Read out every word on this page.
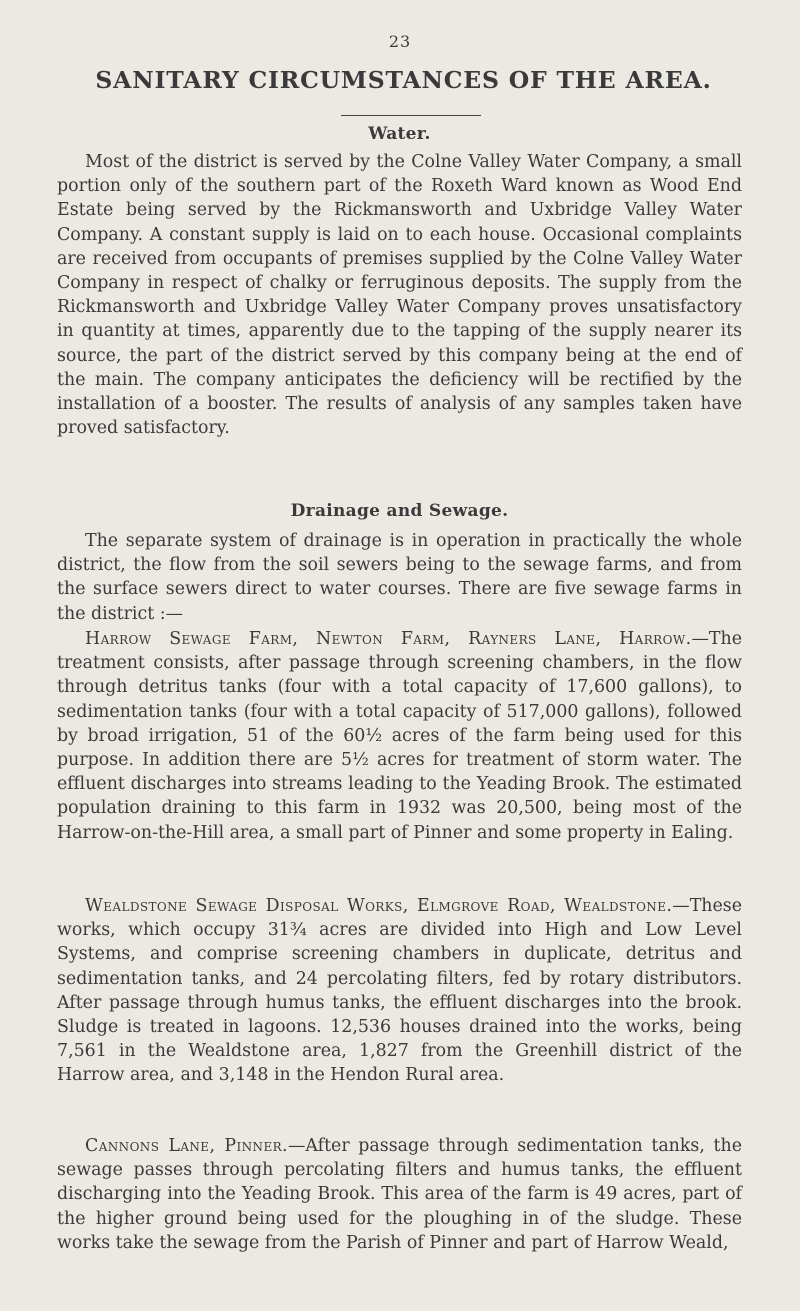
23
SANITARY CIRCUMSTANCES OF THE AREA.
Water.

Most of the district is served by the Colne Valley Water Company, a small portion only of the southern part of the Roxeth Ward known as Wood End Estate being served by the Rickmansworth and Uxbridge Valley Water Company. A constant supply is laid on to each house. Occasional complaints are received from occupants of premises supplied by the Colne Valley Water Company in respect of chalky or ferruginous deposits. The supply from the Rickmansworth and Uxbridge Valley Water Company proves unsatisfactory in quantity at times, apparently due to the tapping of the supply nearer its source, the part of the district served by this company being at the end of the main. The company anticipates the deficiency will be rectified by the installation of a booster. The results of analysis of any samples taken have proved satisfactory.

Drainage and Sewage.

The separate system of drainage is in operation in practically the whole district, the flow from the soil sewers being to the sewage farms, and from the surface sewers direct to water courses. There are five sewage farms in the district :—

Harrow Sewage Farm, Newton Farm, Rayners Lane, Harrow.—The treatment consists, after passage through screening chambers, in the flow through detritus tanks (four with a total capacity of 17,600 gallons), to sedimentation tanks (four with a total capacity of 517,000 gallons), followed by broad irrigation, 51 of the 60½ acres of the farm being used for this purpose. In addition there are 5½ acres for treatment of storm water. The effluent discharges into streams leading to the Yeading Brook. The estimated population draining to this farm in 1932 was 20,500, being most of the Harrow-on-the-Hill area, a small part of Pinner and some property in Ealing.

Wealdstone Sewage Disposal Works, Elmgrove Road, Wealdstone.—These works, which occupy 31¾ acres are divided into High and Low Level Systems, and comprise screening chambers in duplicate, detritus and sedimentation tanks, and 24 percolating filters, fed by rotary distributors. After passage through humus tanks, the effluent discharges into the brook. Sludge is treated in lagoons. 12,536 houses drained into the works, being 7,561 in the Wealdstone area, 1,827 from the Greenhill district of the Harrow area, and 3,148 in the Hendon Rural area.

Cannons Lane, Pinner.—After passage through sedimentation tanks, the sewage passes through percolating filters and humus tanks, the effluent discharging into the Yeading Brook. This area of the farm is 49 acres, part of the higher ground being used for the ploughing in of the sludge. These works take the sewage from the Parish of Pinner and part of Harrow Weald,
